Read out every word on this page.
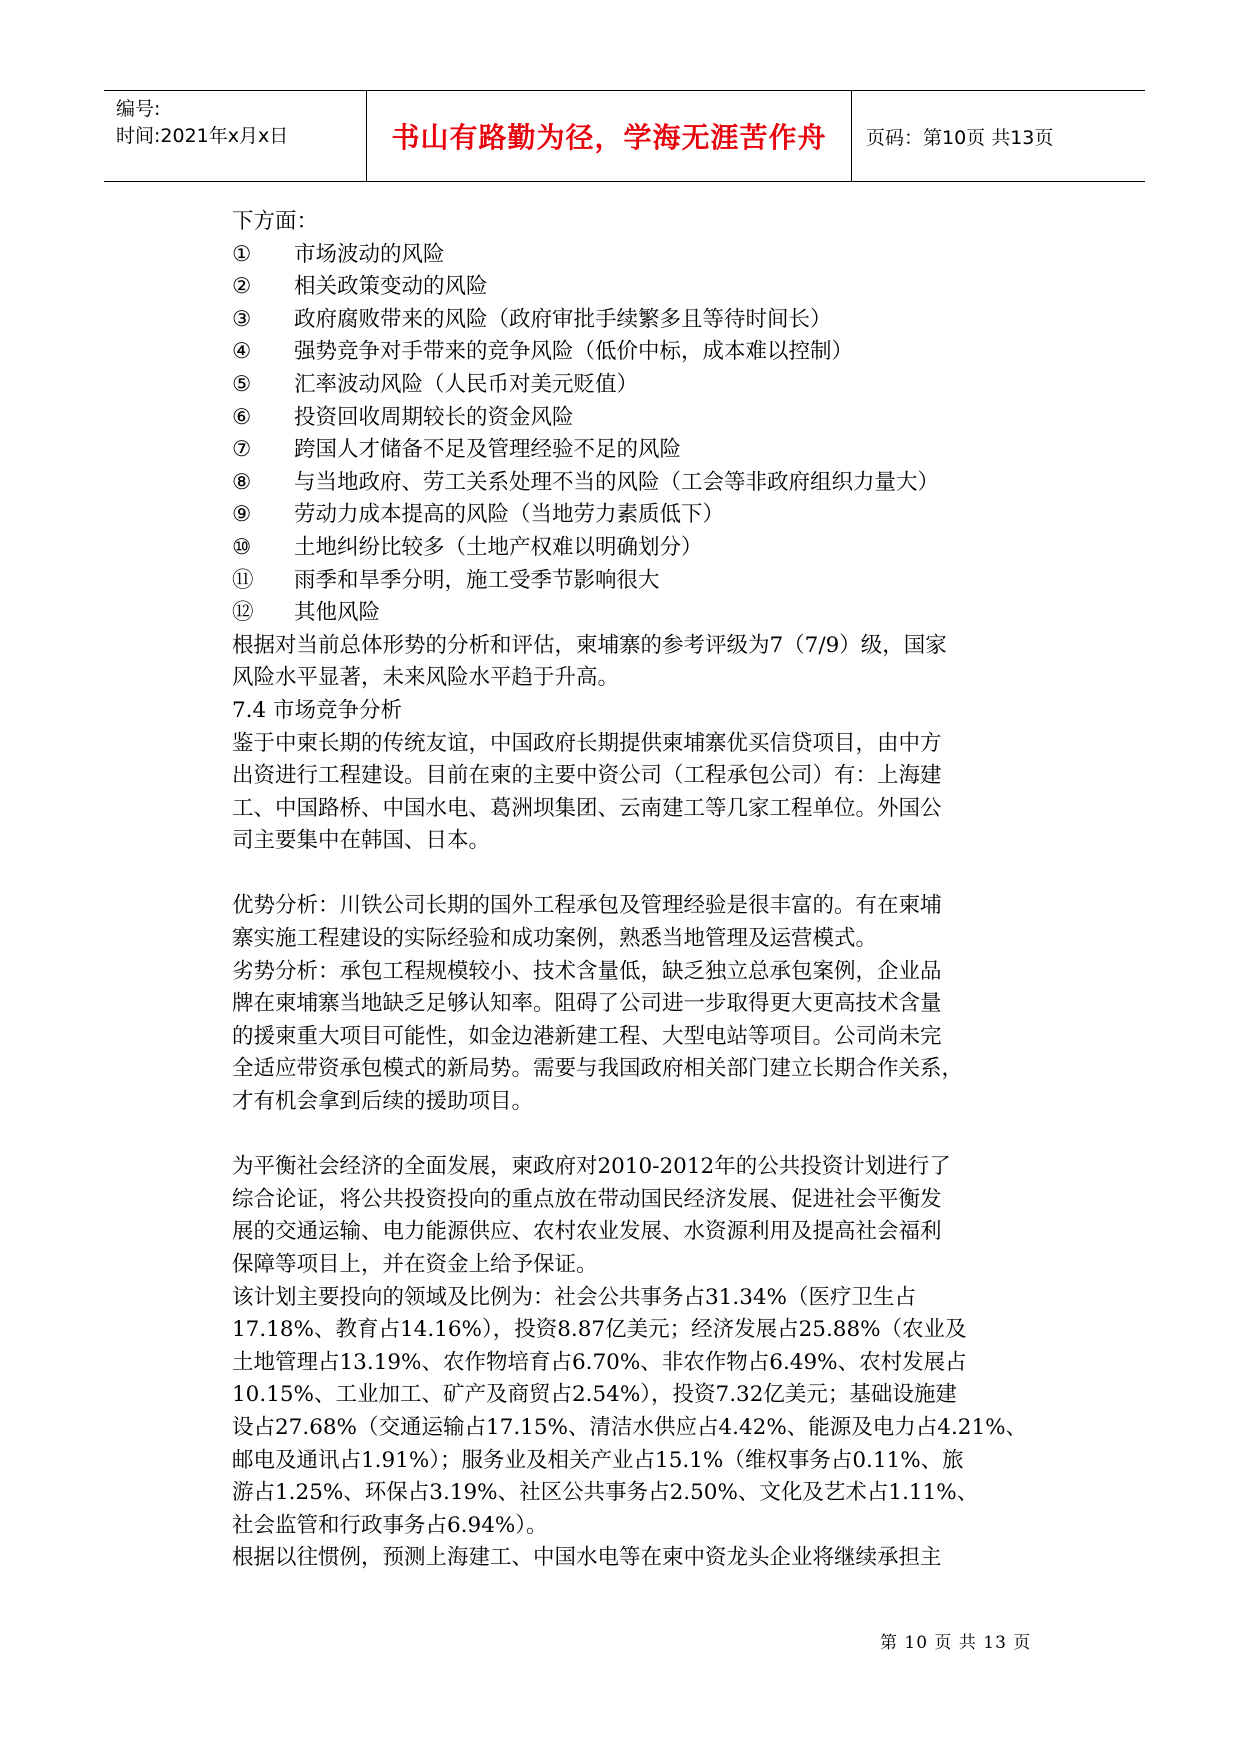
编号:
时间:2021年x月x日	书山有路勤为径，学海无涯苦作舟	页码：第10页 共13页
下方面：
①	市场波动的风险
②	相关政策变动的风险
③	政府腐败带来的风险（政府审批手续繁多且等待时间长）
④	强势竞争对手带来的竞争风险（低价中标，成本难以控制）
⑤	汇率波动风险（人民币对美元贬值）
⑥	投资回收周期较长的资金风险
⑦	跨国人才储备不足及管理经验不足的风险
⑧	与当地政府、劳工关系处理不当的风险（工会等非政府组织力量大）
⑨	劳动力成本提高的风险（当地劳力素质低下）
⑩	土地纠纷比较多（土地产权难以明确划分）
⑪	雨季和旱季分明，施工受季节影响很大
⑫	其他风险
根据对当前总体形势的分析和评估，柬埔寨的参考评级为7（7/9）级，国家
风险水平显著，未来风险水平趋于升高。
7.4 市场竞争分析
鉴于中柬长期的传统友谊，中国政府长期提供柬埔寨优买信贷项目，由中方
出资进行工程建设。目前在柬的主要中资公司（工程承包公司）有：上海建
工、中国路桥、中国水电、葛洲坝集团、云南建工等几家工程单位。外国公
司主要集中在韩国、日本。
优势分析：川铁公司长期的国外工程承包及管理经验是很丰富的。有在柬埔
寨实施工程建设的实际经验和成功案例，熟悉当地管理及运营模式。
劣势分析：承包工程规模较小、技术含量低，缺乏独立总承包案例，企业品
牌在柬埔寨当地缺乏足够认知率。阻碍了公司进一步取得更大更高技术含量
的援柬重大项目可能性，如金边港新建工程、大型电站等项目。公司尚未完
全适应带资承包模式的新局势。需要与我国政府相关部门建立长期合作关系，
才有机会拿到后续的援助项目。
为平衡社会经济的全面发展，柬政府对2010-2012年的公共投资计划进行了
综合论证，将公共投资投向的重点放在带动国民经济发展、促进社会平衡发
展的交通运输、电力能源供应、农村农业发展、水资源利用及提高社会福利
保障等项目上，并在资金上给予保证。
该计划主要投向的领域及比例为：社会公共事务占31.34%（医疗卫生占
17.18%、教育占14.16%），投资8.87亿美元；经济发展占25.88%（农业及
土地管理占13.19%、农作物培育占6.70%、非农作物占6.49%、农村发展占
10.15%、工业加工、矿产及商贸占2.54%），投资7.32亿美元；基础设施建
设占27.68%（交通运输占17.15%、清洁水供应占4.42%、能源及电力占4.21%、
邮电及通讯占1.91%）；服务业及相关产业占15.1%（维权事务占0.11%、旅
游占1.25%、环保占3.19%、社区公共事务占2.50%、文化及艺术占1.11%、
社会监管和行政事务占6.94%）。
根据以往惯例，预测上海建工、中国水电等在柬中资龙头企业将继续承担主
第 10 页 共 13 页
